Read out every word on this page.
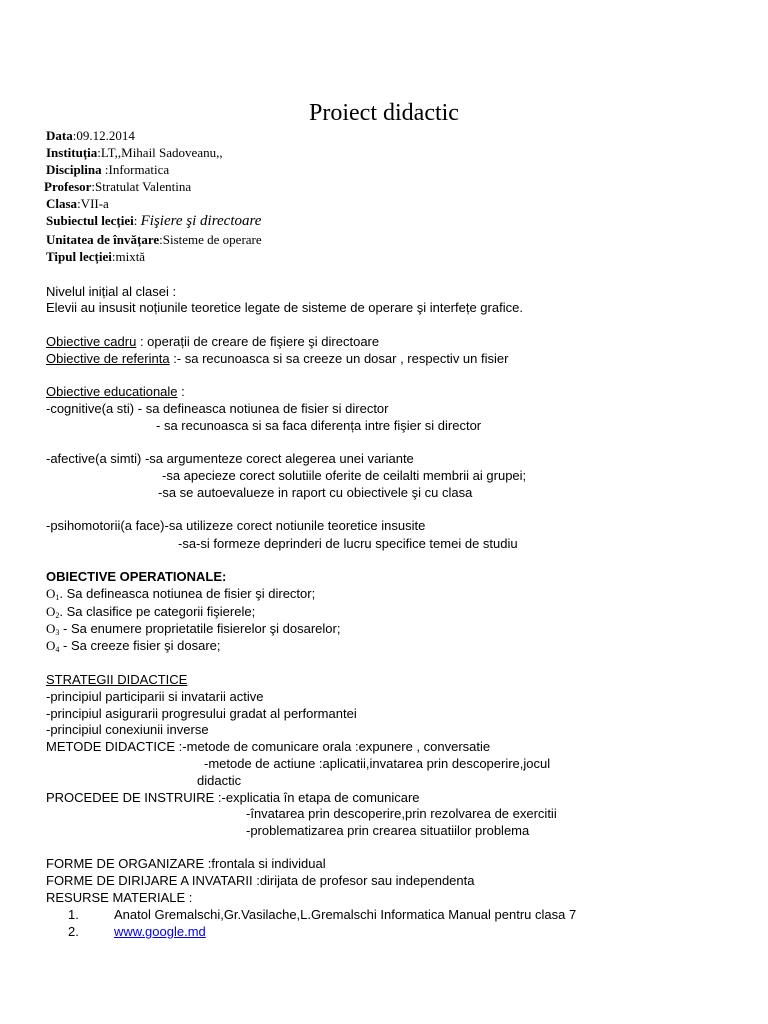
Proiect didactic
Data:09.12.2014
Instituția:LT,,Mihail Sadoveanu,,
Disciplina :Informatica
Profesor:Stratulat Valentina
Clasa:VII-a
Subiectul lecției: Fişiere şi directoare
Unitatea de învățare:Sisteme de operare
Tipul lecției:mixtă
Nivelul inițial al clasei :
Elevii au insusit noțiunile teoretice legate de sisteme de operare şi interfețe grafice.
Obiective cadru : operații de creare de fişiere şi directoare
Obiective de referinta :- sa recunoasca si sa creeze un dosar , respectiv un fisier
Obiective educationale :
-cognitive(a sti) - sa defineasca notiunea de fisier si director
- sa recunoasca si sa faca diferența intre fişier si director
-afective(a simti) -sa argumenteze corect alegerea unei variante
-sa apecieze corect solutiile oferite de ceilalti membrii ai grupei;
-sa se autoevalueze in raport cu obiectivele şi cu clasa
-psihomotorii(a face)-sa utilizeze corect notiunile teoretice insusite
-sa-si formeze deprinderi de lucru specifice temei de studiu
OBIECTIVE OPERATIONALE:
$O_1$. Sa defineasca notiunea de fisier şi director;
$O_2$. Sa clasifice pe categorii fişierele;
$O_3$ - Sa enumere proprietatile fisierelor şi dosarelor;
$O_4$ - Sa creeze fisier şi dosare;
STRATEGII DIDACTICE
-principiul participarii si invatarii active
-principiul asigurarii progresului gradat al performantei
-principiul conexiunii inverse
METODE DIDACTICE :-metode de comunicare orala :expunere , conversatie
-metode de actiune :aplicatii,invatarea prin descoperire,jocul
didactic
PROCEDEE DE INSTRUIRE :-explicatia în etapa de comunicare
-învatarea prin descoperire,prin rezolvarea de exercitii
-problematizarea prin crearea situatiilor problema
FORME DE ORGANIZARE :frontala si individual
FORME DE DIRIJARE A INVATARII :dirijata de profesor sau independenta
RESURSE MATERIALE :
1.	Anatol Gremalschi,Gr.Vasilache,L.Gremalschi Informatica Manual pentru clasa 7
2.	www.google.md
